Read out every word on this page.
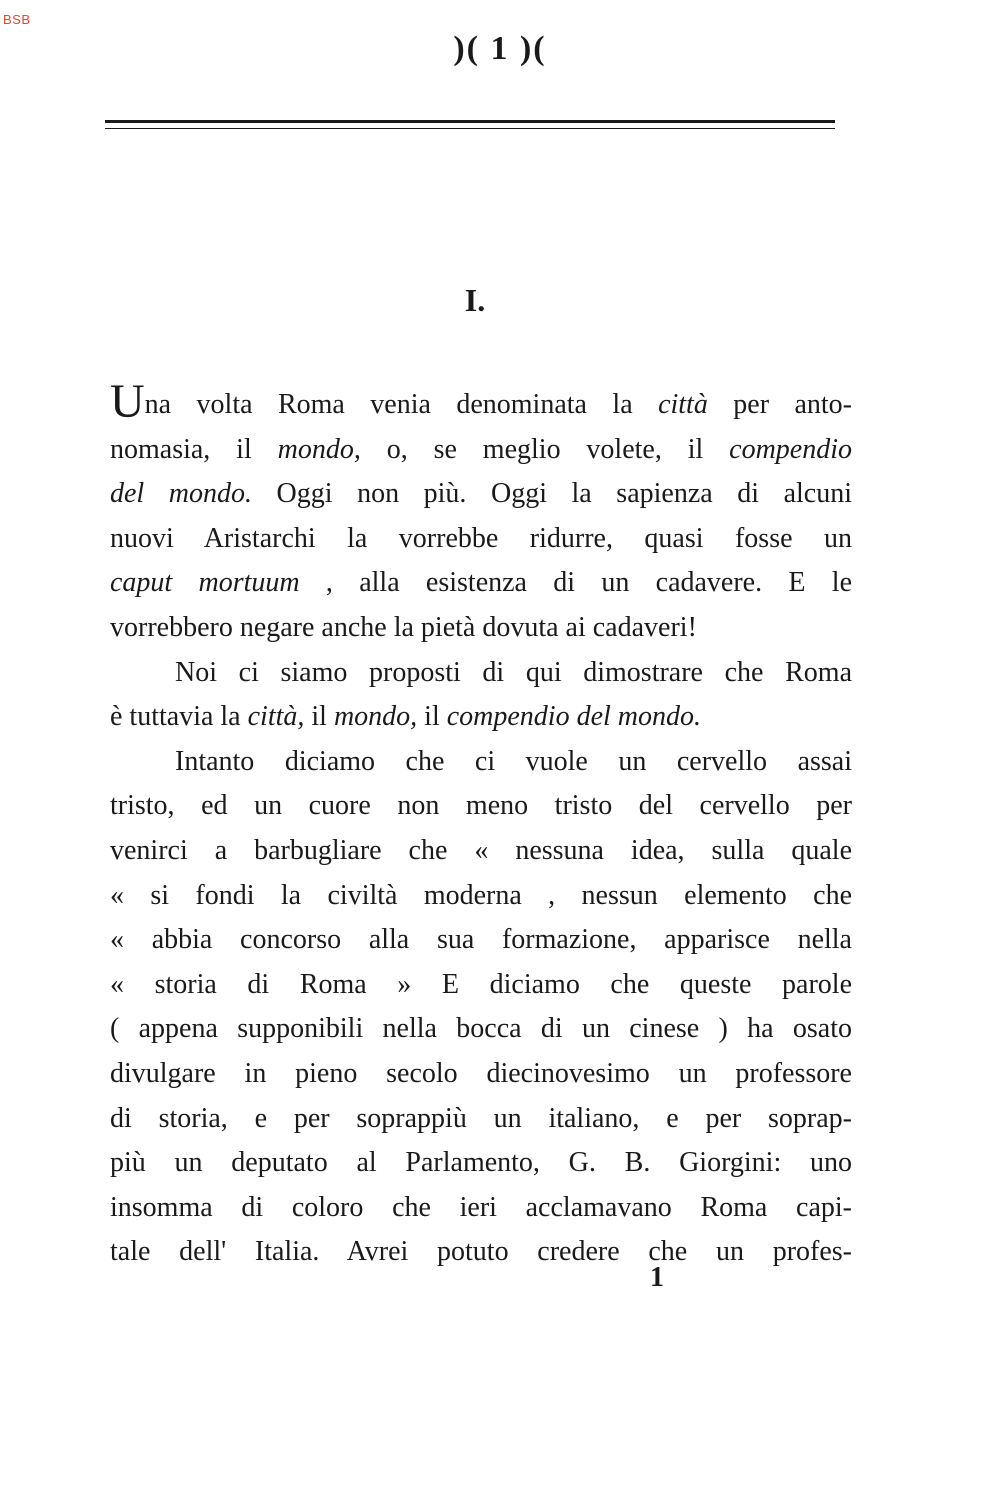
BSB
)( 1 )(
I.
Una volta Roma venia denominata la città per anto-
nomasia, il mondo, o, se meglio volete, il compendio
del mondo. Oggi non più. Oggi la sapienza di alcuni
nuovi Aristarchi la vorrebbe ridurre, quasi fosse un
caput mortuum , alla esistenza di un cadavere. E le
vorrebbero negare anche la pietà dovuta ai cadaveri!
Noi ci siamo proposti di qui dimostrare che Roma
è tuttavia la città, il mondo, il compendio del mondo.
Intanto diciamo che ci vuole un cervello assai
tristo, ed un cuore non meno tristo del cervello per
venirci a barbugliare che « nessuna idea, sulla quale
« si fondi la civiltà moderna , nessun elemento che
« abbia concorso alla sua formazione, apparisce nella
« storia di Roma » E diciamo che queste parole
( appena supponibili nella bocca di un cinese ) ha osato
divulgare in pieno secolo diecinovesimo un professore
di storia, e per soprappiù un italiano, e per soprap-
più un deputato al Parlamento, G. B. Giorgini: uno
insomma di coloro che ieri acclamavano Roma capi-
tale dell' Italia. Avrei potuto credere che un profes-
1
